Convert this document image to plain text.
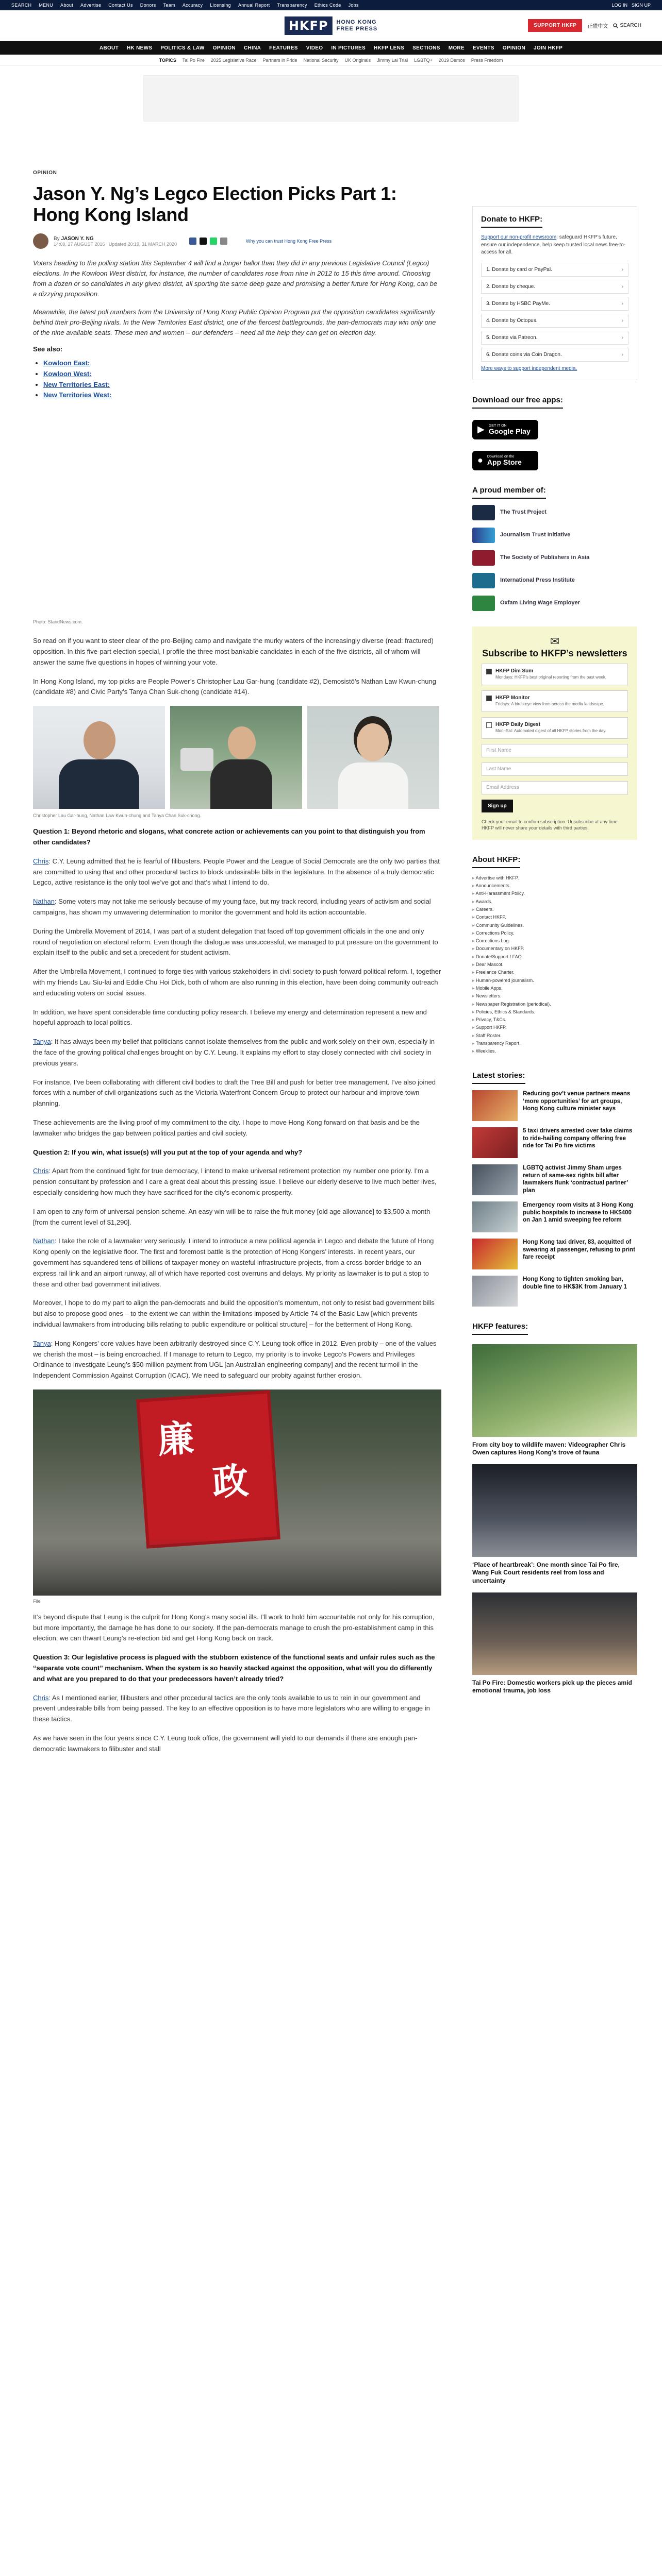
SEARCH MENU About Advertise Contact Us Donors Team Accuracy Licensing Annual Report Transparency Ethics Code Jobs	LOG IN SIGN UP
HKFP	HONG KONG
FREE PRESS	SUPPORT HKFP	正體中文 SEARCH
ABOUT HK NEWS POLITICS & LAW OPINION CHINA FEATURES VIDEO IN PICTURES HKFP LENS SECTIONS MORE EVENTS OPINION JOIN HKFP
TOPICS Tai Po Fire 2025 Legislative Race Partners in Pride National Security UK Originals Jimmy Lai Trial LGBTQ+ 2019 Demos Press Freedom
OPINION
Jason Y. Ng’s Legco Election Picks Part 1: Hong Kong Island
By JASON Y. NG
14:00, 27 AUGUST 2016 Updated 20:19, 31 MARCH 2020
Why you can trust Hong Kong Free Press

Voters heading to the polling station this September 4 will find a longer ballot than they did in any previous Legislative Council (Legco) elections. In the Kowloon West district, for instance, the number of candidates rose from nine in 2012 to 15 this time around. Choosing from a dozen or so candidates in any given district, all sporting the same deep gaze and promising a better future for Hong Kong, can be a dizzying proposition.

Meanwhile, the latest poll numbers from the University of Hong Kong Public Opinion Program put the opposition candidates significantly behind their pro-Beijing rivals. In the New Territories East district, one of the fiercest battlegrounds, the pan-democrats may win only one of the nine available seats. These men and women – our defenders – need all the help they can get on election day.

See also:
• Kowloon East:
• Kowloon West:
• New Territories East:
• New Territories West:
Photo: StandNews.com.

So read on if you want to steer clear of the pro-Beijing camp and navigate the murky waters of the increasingly diverse (read: fractured) opposition. In this five-part election special, I profile the three most bankable candidates in each of the five districts, all of whom will answer the same five questions in hopes of winning your vote.

In Hong Kong Island, my top picks are People Power’s Christopher Lau Gar-hung (candidate #2), Demosistō’s Nathan Law Kwun-chung (candidate #8) and Civic Party’s Tanya Chan Suk-chong (candidate #14).

Christopher Lau Gar-hung, Nathan Law Kwun-chung and Tanya Chan Suk-chong.

Question 1: Beyond rhetoric and slogans, what concrete action or achievements can you point to that distinguish you from other candidates?

Chris: C.Y. Leung admitted that he is fearful of filibusters. People Power and the League of Social Democrats are the only two parties that are committed to using that and other procedural tactics to block undesirable bills in the legislature. In the absence of a truly democratic Legco, active resistance is the only tool we’ve got and that’s what I intend to do.

Nathan: Some voters may not take me seriously because of my young face, but my track record, including years of activism and social campaigns, has shown my unwavering determination to monitor the government and hold its action accountable.

During the Umbrella Movement of 2014, I was part of a student delegation that faced off top government officials in the one and only round of negotiation on electoral reform. Even though the dialogue was unsuccessful, we managed to put pressure on the government to explain itself to the public and set a precedent for student activism.

After the Umbrella Movement, I continued to forge ties with various stakeholders in civil society to push forward political reform. I, together with my friends Lau Siu-lai and Eddie Chu Hoi Dick, both of whom are also running in this election, have been doing community outreach and educating voters on social issues.

In addition, we have spent considerable time conducting policy research. I believe my energy and determination represent a new and hopeful approach to local politics.

Tanya: It has always been my belief that politicians cannot isolate themselves from the public and work solely on their own, especially in the face of the growing political challenges brought on by C.Y. Leung. It explains my effort to stay closely connected with civil society in previous years.

For instance, I’ve been collaborating with different civil bodies to draft the Tree Bill and push for better tree management. I’ve also joined forces with a number of civil organizations such as the Victoria Waterfront Concern Group to protect our harbour and improve town planning.

These achievements are the living proof of my commitment to the city. I hope to move Hong Kong forward on that basis and be the lawmaker who bridges the gap between political parties and civil society.

Question 2: If you win, what issue(s) will you put at the top of your agenda and why?

Chris: Apart from the continued fight for true democracy, I intend to make universal retirement protection my number one priority. I’m a pension consultant by profession and I care a great deal about this pressing issue. I believe our elderly deserve to live much better lives, especially considering how much they have sacrificed for the city’s economic prosperity.

I am open to any form of universal pension scheme. An easy win will be to raise the fruit money [old age allowance] to $3,500 a month [from the current level of $1,290].

Nathan: I take the role of a lawmaker very seriously. I intend to introduce a new political agenda in Legco and debate the future of Hong Kong openly on the legislative floor. The first and foremost battle is the protection of Hong Kongers’ interests. In recent years, our government has squandered tens of billions of taxpayer money on wasteful infrastructure projects, from a cross-border bridge to an express rail link and an airport runway, all of which have reported cost overruns and delays. My priority as lawmaker is to put a stop to these and other bad government initiatives.

Moreover, I hope to do my part to align the pan-democrats and build the opposition’s momentum, not only to resist bad government bills but also to propose good ones – to the extent we can within the limitations imposed by Article 74 of the Basic Law [which prevents individual lawmakers from introducing bills relating to public expenditure or political structure] – for the betterment of Hong Kong.

Tanya: Hong Kongers’ core values have been arbitrarily destroyed since C.Y. Leung took office in 2012. Even probity – one of the values we cherish the most – is being encroached. If I manage to return to Legco, my priority is to invoke Legco’s Powers and Privileges Ordinance to investigate Leung’s $50 million payment from UGL [an Australian engineering company] and the recent turmoil in the Independent Commission Against Corruption (ICAC). We need to safeguard our probity against further erosion.

廉
政
File

It’s beyond dispute that Leung is the culprit for Hong Kong’s many social ills. I’ll work to hold him accountable not only for his corruption, but more importantly, the damage he has done to our society. If the pan-democrats manage to crush the pro-establishment camp in this election, we can thwart Leung’s re-election bid and get Hong Kong back on track.

Question 3: Our legislative process is plagued with the stubborn existence of the functional seats and unfair rules such as the “separate vote count” mechanism. When the system is so heavily stacked against the opposition, what will you do differently and what are you prepared to do that your predecessors haven’t already tried?

Chris: As I mentioned earlier, filibusters and other procedural tactics are the only tools available to us to rein in our government and prevent undesirable bills from being passed. The key to an effective opposition is to have more legislators who are willing to engage in these tactics.

As we have seen in the four years since C.Y. Leung took office, the government will yield to our demands if there are enough pan-democratic lawmakers to filibuster and stall

Donate to HKFP:
Support our non-profit newsroom: safeguard HKFP’s future, ensure our independence, help keep trusted local news free-to-access for all.
1. Donate by card or PayPal.	›
2. Donate by cheque.	›
3. Donate by HSBC PayMe.	›
4. Donate by Octopus.	›
5. Donate via Patreon.	›
6. Donate coins via Coin Dragon.	›
More ways to support independent media.
Download our free apps:
▶ GET IT ON
Google Play
● Download on the
App Store
A proud member of:
The Trust Project
Journalism Trust Initiative
The Society of Publishers in Asia
International Press Institute
Oxfam Living Wage Employer
✉
Subscribe to HKFP’s newsletters
HKFP Dim Sum
Mondays: HKFP’s best original reporting from the past week.
HKFP Monitor
Fridays: A birds-eye view from across the media landscape.
HKFP Daily Digest
Mon–Sat: Automated digest of all HKFP stories from the day.
First Name
Last Name
Email Address
Sign up
Check your email to confirm subscription. Unsubscribe at any time. HKFP will never share your details with third parties.
About HKFP:
▸ Advertise with HKFP.
▸ Announcements.
▸ Anti-Harassment Policy.
▸ Awards.
▸ Careers.
▸ Contact HKFP.
▸ Community Guidelines.
▸ Corrections Policy.
▸ Corrections Log.
▸ Documentary on HKFP.
▸ Donate/Support / FAQ.
▸ Dear Mascot.
▸ Freelance Charter.
▸ Human-powered journalism.
▸ Mobile Apps.
▸ Newsletters.
▸ Newspaper Registration (periodical).
▸ Policies, Ethics & Standards.
▸ Privacy, T&Cs.
▸ Support HKFP.
▸ Staff Roster.
▸ Transparency Report.
▸ Weeklies.
Latest stories:
Reducing gov’t venue partners means ‘more opportunities’ for art groups, Hong Kong culture minister says
5 taxi drivers arrested over fake claims to ride-hailing company offering free ride for Tai Po fire victims
LGBTQ activist Jimmy Sham urges return of same-sex rights bill after lawmakers flunk ‘contractual partner’ plan
Emergency room visits at 3 Hong Kong public hospitals to increase to HK$400 on Jan 1 amid sweeping fee reform
Hong Kong taxi driver, 83, acquitted of swearing at passenger, refusing to print fare receipt
Hong Kong to tighten smoking ban, double fine to HK$3K from January 1
HKFP features:
From city boy to wildlife maven: Videographer Chris Owen captures Hong Kong’s trove of fauna
‘Place of heartbreak’: One month since Tai Po fire, Wang Fuk Court residents reel from loss and uncertainty
Tai Po Fire: Domestic workers pick up the pieces amid emotional trauma, job loss
